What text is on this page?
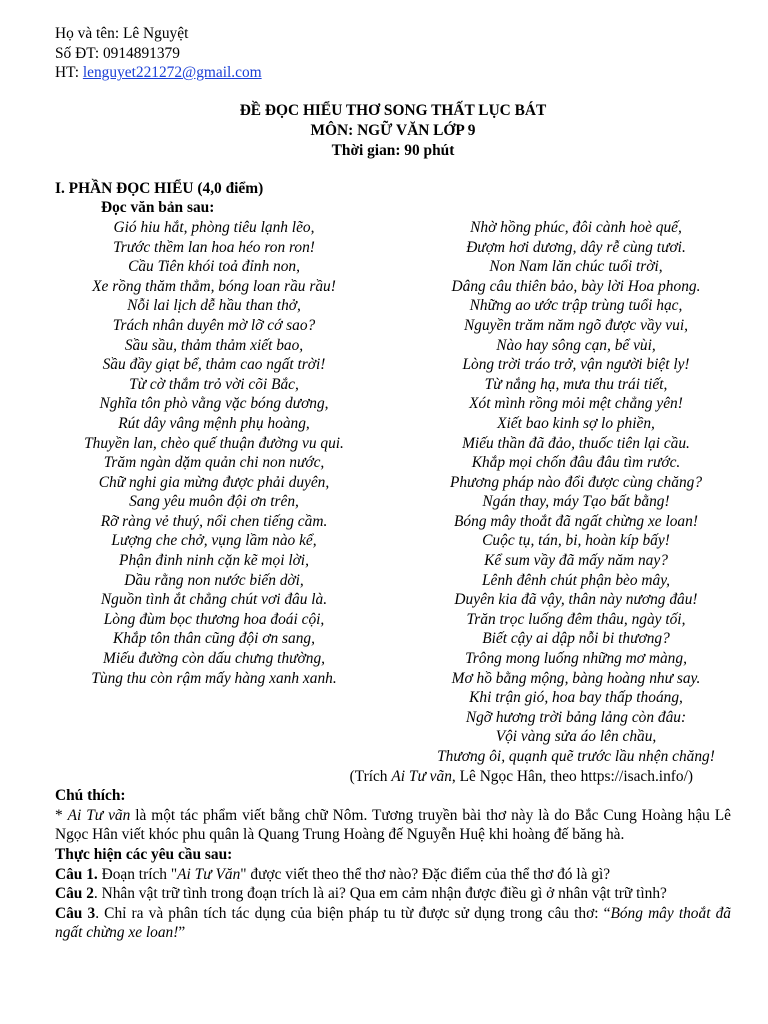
Họ và tên: Lê Nguyệt
Số ĐT: 0914891379
HT: lenguyet221272@gmail.com
ĐỀ ĐỌC HIỂU THƠ SONG THẤT LỤC BÁT
MÔN: NGỮ VĂN LỚP 9
Thời gian: 90 phút
I. PHẦN ĐỌC HIỂU (4,0 điểm)
Đọc văn bản sau:
Gió hiu hắt, phòng tiêu lạnh lẽo,
Trước thềm lan hoa héo ron ron!
Cầu Tiên khói toả đỉnh non,
Xe rồng thăm thẳm, bóng loan rầu rầu!
Nỗi lai lịch dễ hầu than thở,
Trách nhân duyên mờ lỡ cớ sao?
Sầu sầu, thảm thảm xiết bao,
Sầu đầy giạt bể, thảm cao ngất trời!
Từ cờ thắm trỏ vời cõi Bắc,
Nghĩa tôn phò vằng vặc bóng dương,
Rút dây vâng mệnh phụ hoàng,
Thuyền lan, chèo quế thuận đường vu qui.
Trăm ngàn dặm quản chi non nước,
Chữ nghi gia mừng được phải duyên,
Sang yêu muôn đội ơn trên,
Rỡ ràng vẻ thuý, nổi chen tiếng cầm.
Lượng che chở, vụng lầm nào kể,
Phận đinh ninh cặn kẽ mọi lời,
Dầu rằng non nước biến dời,
Nguồn tình ắt chẳng chút vơi đâu là.
Lòng đùm bọc thương hoa đoái cội,
Khắp tôn thân cũng đội ơn sang,
Miếu đường còn dấu chưng thường,
Tùng thu còn rậm mấy hàng xanh xanh.
Nhờ hồng phúc, đôi cành hoè quế,
Đượm hơi dương, dây rễ cùng tươi.
Non Nam lăn chúc tuổi trời,
Dâng câu thiên bảo, bày lời Hoa phong.
Những ao ước trập trùng tuổi hạc,
Nguyền trăm năm ngõ được vầy vui,
Nào hay sông cạn, bể vùi,
Lòng trời tráo trở, vận người biệt ly!
Từ nắng hạ, mưa thu trái tiết,
Xót mình rồng mỏi mệt chẳng yên!
Xiết bao kinh sợ lo phiền,
Miếu thần đã đảo, thuốc tiên lại cầu.
Khắp mọi chốn đâu đâu tìm rước.
Phương pháp nào đổi được cùng chăng?
Ngán thay, máy Tạo bất bằng!
Bóng mây thoắt đã ngất chừng xe loan!
Cuộc tụ, tán, bi, hoàn kíp bấy!
Kể sum vầy đã mấy năm nay?
Lênh đênh chút phận bèo mây,
Duyên kia đã vậy, thân này nương đâu!
Trăn trọc luống đêm thâu, ngày tối,
Biết cậy ai dập nỗi bi thương?
Trông mong luống những mơ màng,
Mơ hồ bằng mộng, bàng hoàng như say.
Khi trận gió, hoa bay thấp thoáng,
Ngỡ hương trời bảng lảng còn đâu:
Vội vàng sửa áo lên chầu,
Thương ôi, quạnh quẽ trước lầu nhện chăng!
(Trích Ai Tư vãn, Lê Ngọc Hân, theo https://isach.info/)
Chú thích:
* Ai Tư vãn là một tác phẩm viết bằng chữ Nôm. Tương truyền bài thơ này là do Bắc Cung Hoàng hậu Lê Ngọc Hân viết khóc phu quân là Quang Trung Hoàng đế Nguyễn Huệ khi hoàng đế băng hà.
Thực hiện các yêu cầu sau:
Câu 1. Đoạn trích "Ai Tư Văn" được viết theo thể thơ nào? Đặc điểm của thể thơ đó là gì?
Câu 2. Nhân vật trữ tình trong đoạn trích là ai? Qua em cảm nhận được điều gì ở nhân vật trữ tình?
Câu 3. Chỉ ra và phân tích tác dụng của biện pháp tu từ được sử dụng trong câu thơ: “Bóng mây thoắt đã ngất chừng xe loan!”
